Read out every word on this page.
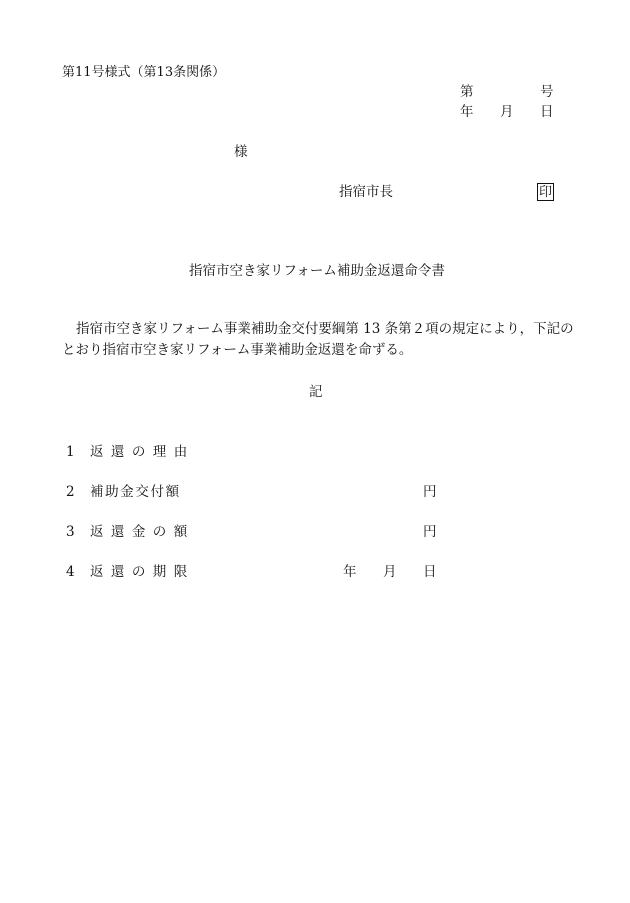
第11号様式（第13条関係）
第	号
年 月 日
様
指宿市長	印
指宿市空き家リフォーム補助金返還命令書
指宿市空き家リフォーム事業補助金交付要綱第 13 条第２項の規定により，下記の
とおり指宿市空き家リフォーム事業補助金返還を命ずる。
記
1 返還の理由
2 補助金交付額	円
3 返還金の額	円
4 返還の期限	年 月 日
